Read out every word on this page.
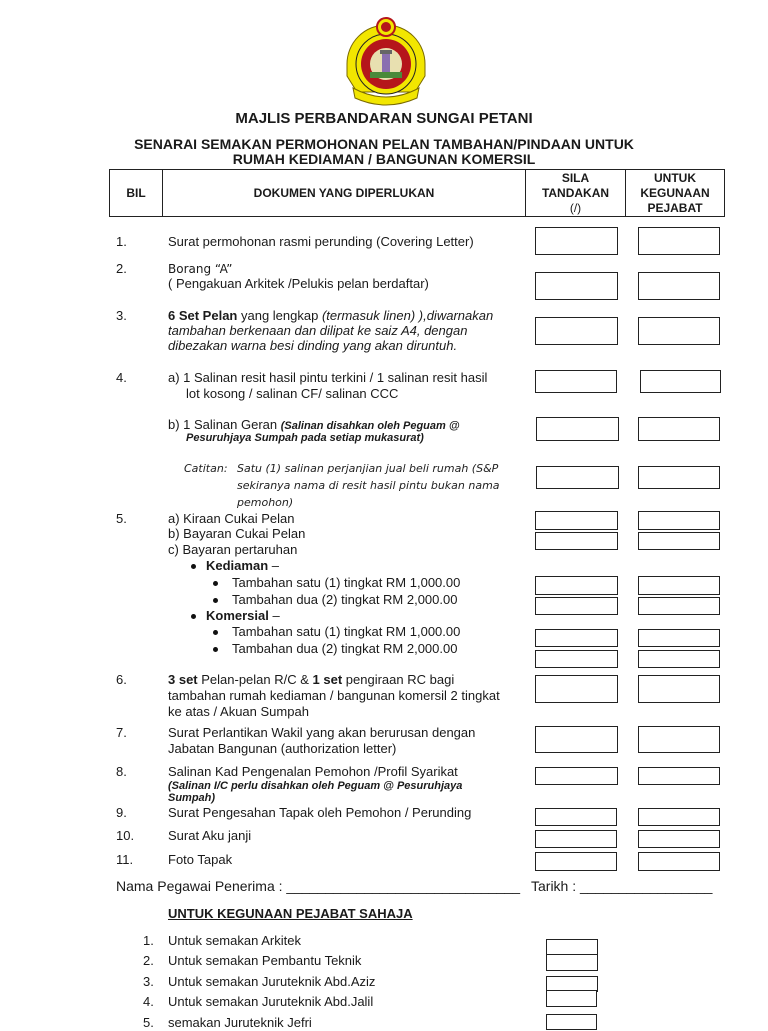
MAJLIS PERBANDARAN SUNGAI PETANI
SENARAI SEMAKAN PERMOHONAN PELAN TAMBAHAN/PINDAAN UNTUK
RUMAH KEDIAMAN / BANGUNAN KOMERSIL
BIL	DOKUMEN YANG DIPERLUKAN	
SILA
TANDAKAN
(/)

UNTUK
KEGUNAAN
PEJABAT
1.	Surat permohonan rasmi perunding (Covering Letter)
2.	Borang “A”
( Pengakuan Arkitek /Pelukis pelan berdaftar)
3.	6 Set Pelan yang lengkap (termasuk linen) ),diwarnakan
tambahan berkenaan dan dilipat ke saiz A4, dengan
dibezakan warna besi dinding yang akan diruntuh.
4.	a) 1 Salinan resit hasil pintu terkini / 1 salinan resit hasil
lot kosong / salinan CF/ salinan CCC
b) 1 Salinan Geran (Salinan disahkan oleh Peguam @
Pesuruhjaya Sumpah pada setiap mukasurat)
Catitan: Satu (1) salinan perjanjian jual beli rumah (S&P
sekiranya nama di resit hasil pintu bukan nama
pemohon)
5.	a) Kiraan Cukai Pelan
b) Bayaran Cukai Pelan
c) Bayaran pertaruhan
Kediaman –
Tambahan satu (1) tingkat RM 1,000.00
Tambahan dua (2) tingkat RM 2,000.00
Komersial –
Tambahan satu (1) tingkat RM 1,000.00
Tambahan dua (2) tingkat RM 2,000.00
6.	3 set Pelan-pelan R/C & 1 set pengiraan RC bagi
tambahan rumah kediaman / bangunan komersil 2 tingkat
ke atas / Akuan Sumpah
7.	Surat Perlantikan Wakil yang akan berurusan dengan
Jabatan Bangunan (authorization letter)
8.	Salinan Kad Pengenalan Pemohon /Profil Syarikat
(Salinan I/C perlu disahkan oleh Peguam @ Pesuruhjaya
Sumpah)
9.	Surat Pengesahan Tapak oleh Pemohon / Perunding
10.	Surat Aku janji
11.	Foto Tapak
Nama Pegawai Penerima : ______________________________ Tarikh : _________________
UNTUK KEGUNAAN PEJABAT SAHAJA
1. Untuk semakan Arkitek
2. Untuk semakan Pembantu Teknik
3. Untuk semakan Juruteknik Abd.Aziz
4. Untuk semakan Juruteknik Abd.Jalil
5. semakan Juruteknik Jefri
